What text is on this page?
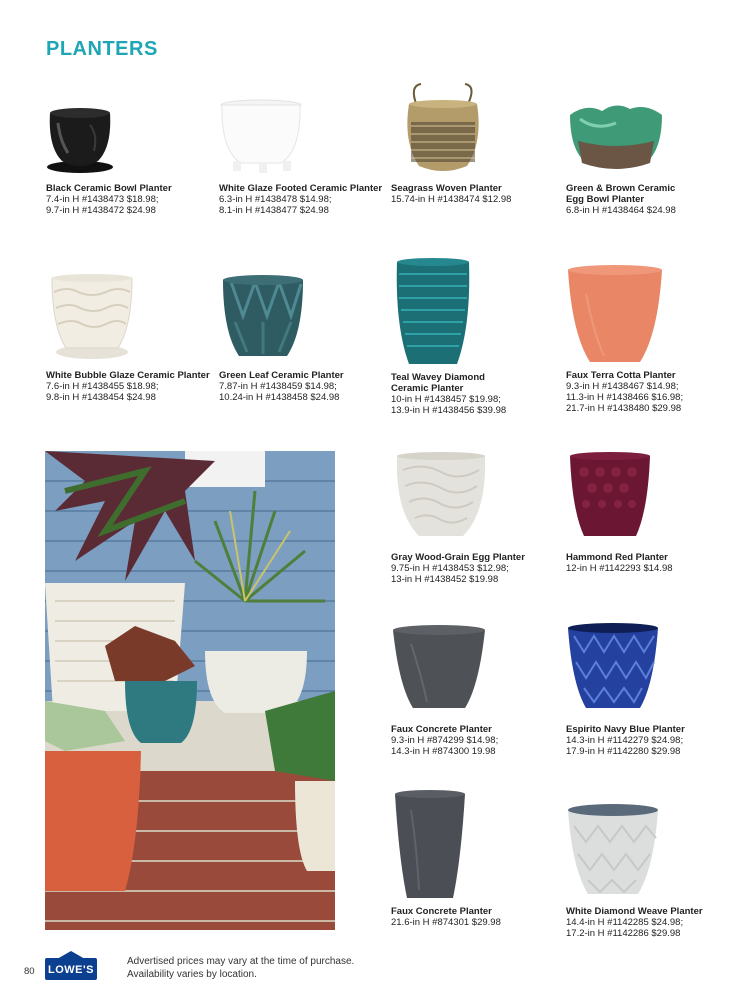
PLANTERS
Black Ceramic Bowl Planter
7.4-in H #1438473 $18.98;
9.7-in H #1438472 $24.98
White Glaze Footed Ceramic Planter
6.3-in H #1438478 $14.98;
8.1-in H #1438477 $24.98
Seagrass Woven Planter
15.74-in H #1438474 $12.98
Green & Brown Ceramic
Egg Bowl Planter
6.8-in H #1438464 $24.98
White Bubble Glaze Ceramic Planter
7.6-in H #1438455 $18.98;
9.8-in H #1438454 $24.98
Green Leaf Ceramic Planter
7.87-in H #1438459 $14.98;
10.24-in H #1438458 $24.98
Teal Wavey Diamond
Ceramic Planter
10-in H #1438457 $19.98;
13.9-in H #1438456 $39.98
Faux Terra Cotta Planter
9.3-in H #1438467 $14.98;
11.3-in H #1438466 $16.98;
21.7-in H #1438480 $29.98
Gray Wood-Grain Egg Planter
9.75-in H #1438453 $12.98;
13-in H #1438452 $19.98
Hammond Red Planter
12-in H #1142293 $14.98
Faux Concrete Planter
9.3-in H #874299 $14.98;
14.3-in H #874300 19.98
Espirito Navy Blue Planter
14.3-in H #1142279 $24.98;
17.9-in H #1142280 $29.98
Faux Concrete Planter
21.6-in H #874301 $29.98
White Diamond Weave Planter
14.4-in H #1142285 $24.98;
17.2-in H #1142286 $29.98
80 LOWE'S
Advertised prices may vary at the time of purchase.
Availability varies by location.
